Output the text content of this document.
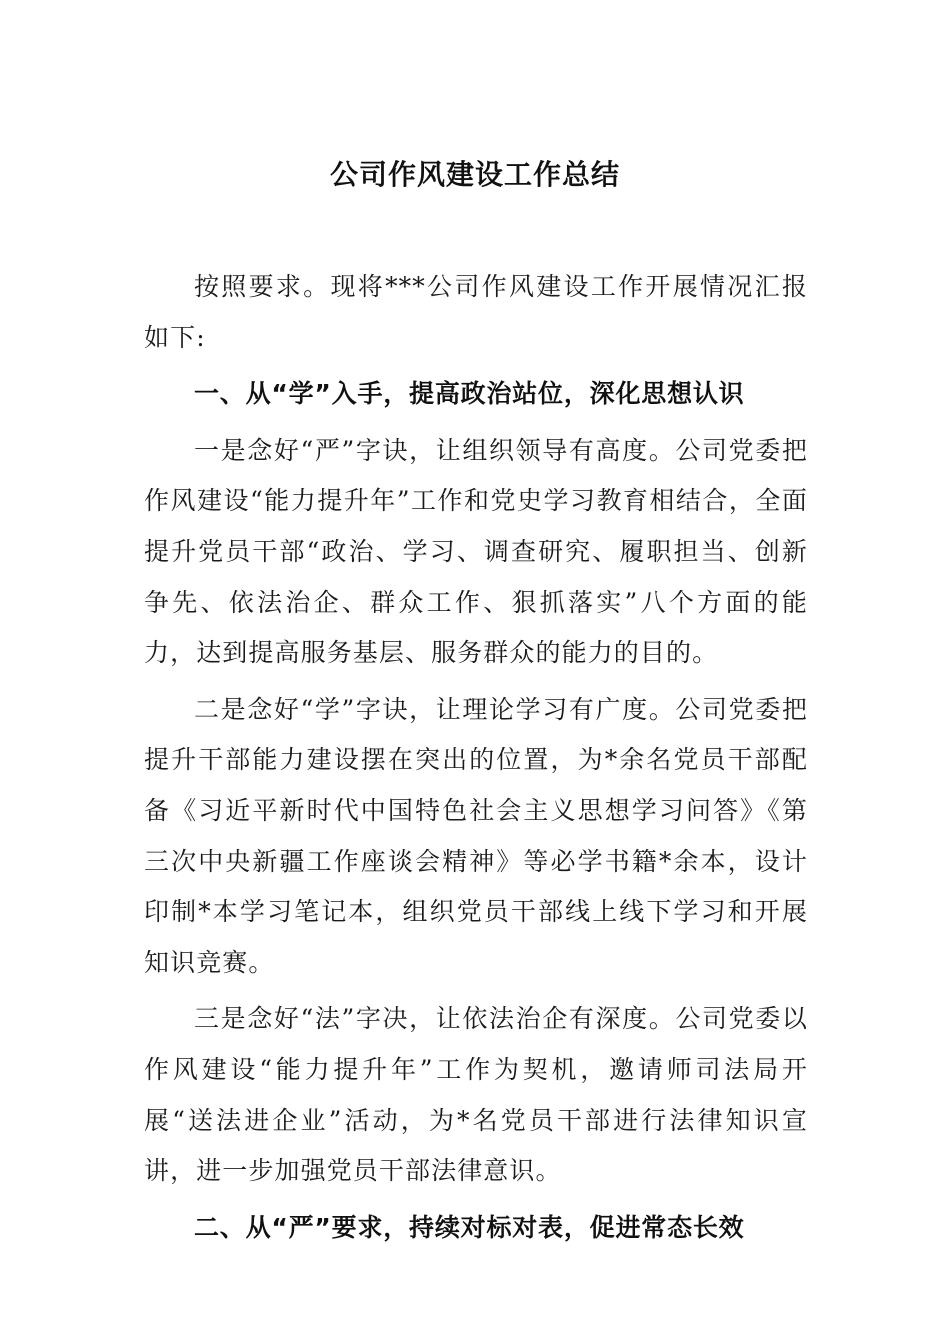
公司作风建设工作总结

按照要求。现将***公司作风建设工作开展情况汇报如下:

一、从“学”入手，提高政治站位，深化思想认识

一是念好“严”字诀，让组织领导有高度。公司党委把作风建设“能力提升年”工作和党史学习教育相结合，全面提升党员干部“政治、学习、调查研究、履职担当、创新争先、依法治企、群众工作、狠抓落实”八个方面的能力，达到提高服务基层、服务群众的能力的目的。

二是念好“学”字诀，让理论学习有广度。公司党委把提升干部能力建设摆在突出的位置，为*余名党员干部配备《习近平新时代中国特色社会主义思想学习问答》《第三次中央新疆工作座谈会精神》等必学书籍*余本，设计印制*本学习笔记本，组织党员干部线上线下学习和开展知识竞赛。

三是念好“法”字决，让依法治企有深度。公司党委以作风建设“能力提升年”工作为契机，邀请师司法局开展“送法进企业”活动，为*名党员干部进行法律知识宣讲，进一步加强党员干部法律意识。

二、从“严”要求，持续对标对表，促进常态长效
